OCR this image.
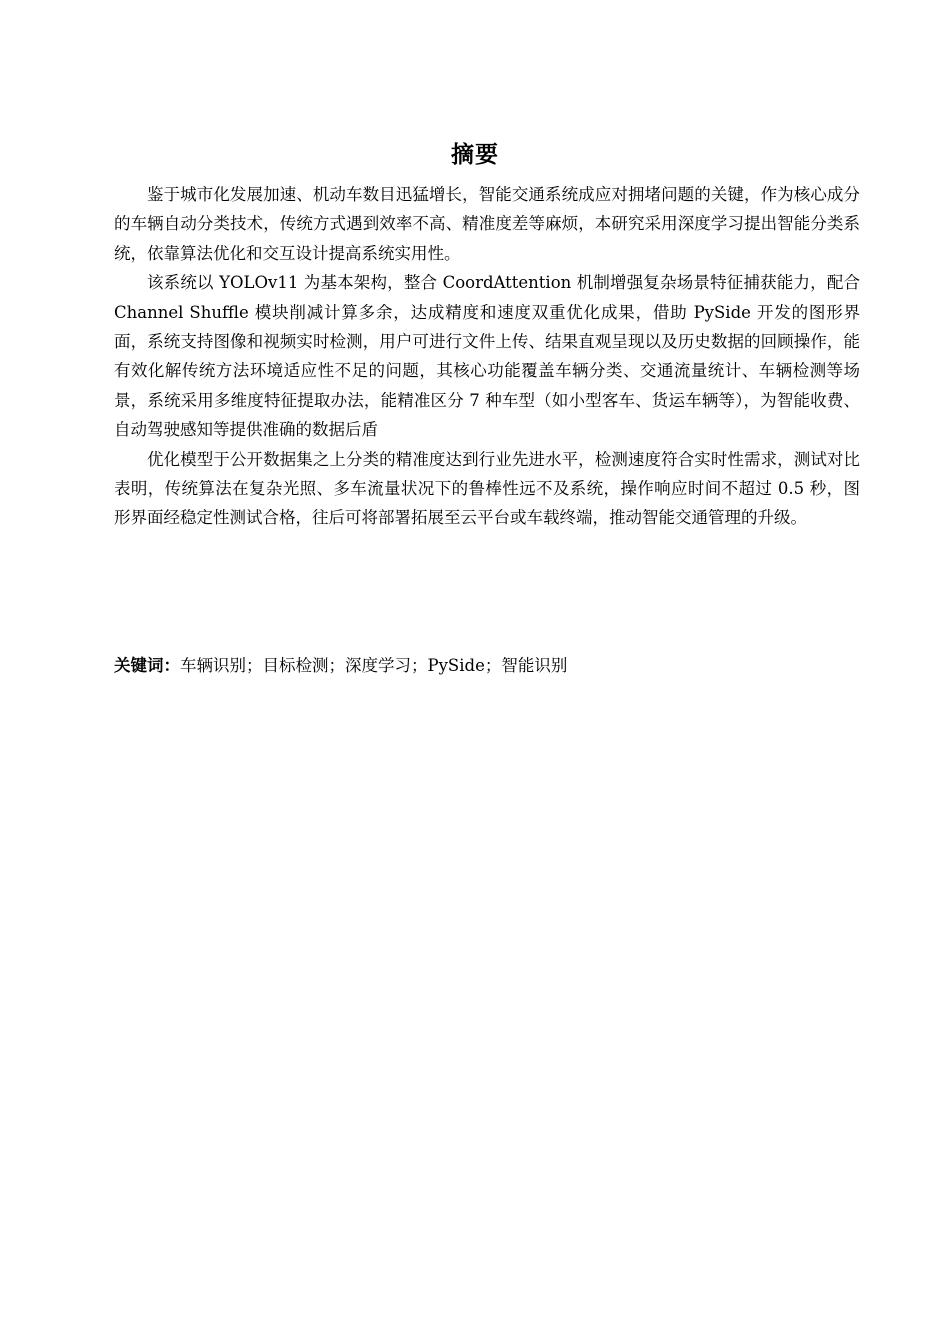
摘要

鉴于城市化发展加速、机动车数目迅猛增长，智能交通系统成应对拥堵问题的关键，作为核心成分的车辆自动分类技术，传统方式遇到效率不高、精准度差等麻烦，本研究采用深度学习提出智能分类系统，依靠算法优化和交互设计提高系统实用性。

该系统以 YOLOv11 为基本架构，整合 CoordAttention 机制增强复杂场景特征捕获能力，配合 Channel Shuffle 模块削减计算多余，达成精度和速度双重优化成果，借助 PySide 开发的图形界面，系统支持图像和视频实时检测，用户可进行文件上传、结果直观呈现以及历史数据的回顾操作，能有效化解传统方法环境适应性不足的问题，其核心功能覆盖车辆分类、交通流量统计、车辆检测等场景，系统采用多维度特征提取办法，能精准区分 7 种车型（如小型客车、货运车辆等），为智能收费、自动驾驶感知等提供准确的数据后盾

优化模型于公开数据集之上分类的精准度达到行业先进水平，检测速度符合实时性需求，测试对比表明，传统算法在复杂光照、多车流量状况下的鲁棒性远不及系统，操作响应时间不超过 0.5 秒，图形界面经稳定性测试合格，往后可将部署拓展至云平台或车载终端，推动智能交通管理的升级。

关键词：车辆识别；目标检测；深度学习；PySide；智能识别
